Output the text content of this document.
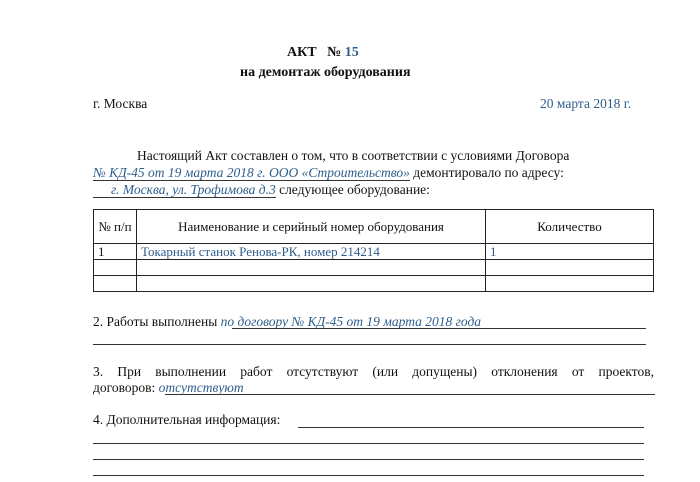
АКТ № 15
на демонтаж оборудования
г. Москва	20 марта 2018 г.
Настоящий Акт составлен о том, что в соответствии с условиями Договора
№ КД-45 от 19 марта 2018 г. ООО «Строительство» демонтировало по адресу:
г. Москва, ул. Трофимова д.3 следующее оборудование:
№ п/п	Наименование и серийный номер оборудования	Количество
1	Токарный станок Ренова-РК, номер 214214	1

2. Работы выполнены по договору № КД-45 от 19 марта 2018 года
3. При выполнении работ отсутствуют (или допущены) отклонения от проектов,
договоров: отсутствуют
4. Дополнительная информация:
